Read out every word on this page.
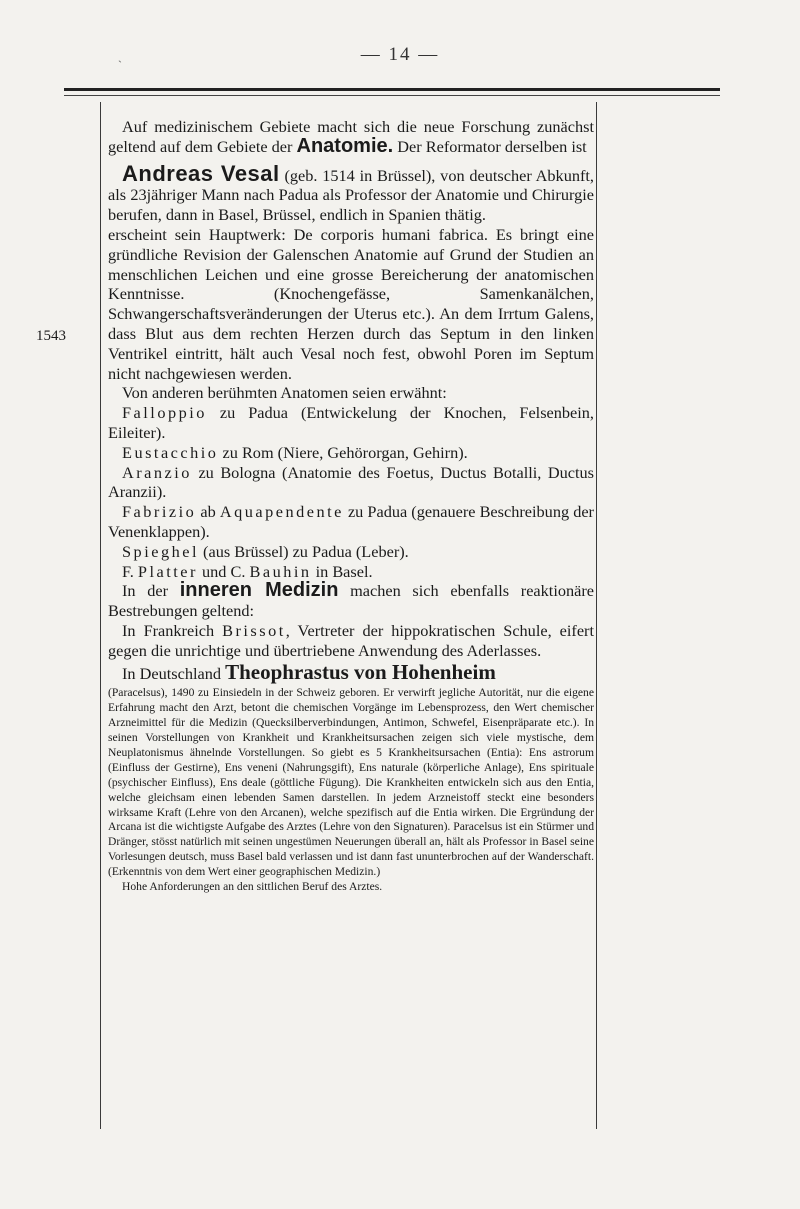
— 14 —
`
1543

Auf medizinischem Gebiete macht sich die neue Forschung zunächst geltend auf dem Gebiete der Anatomie. Der Reformator derselben ist

Andreas Vesal (geb. 1514 in Brüssel), von deutscher Abkunft, als 23jähriger Mann nach Padua als Professor der Anatomie und Chirurgie berufen, dann in Basel, Brüssel, endlich in Spanien thätig.

erscheint sein Hauptwerk: De corporis humani fabrica. Es bringt eine gründliche Revision der Galenschen Anatomie auf Grund der Studien an menschlichen Leichen und eine grosse Bereicherung der anatomischen Kenntnisse. (Knochengefässe, Samenkanälchen, Schwangerschaftsveränderungen der Uterus etc.). An dem Irrtum Galens, dass Blut aus dem rechten Herzen durch das Septum in den linken Ventrikel eintritt, hält auch Vesal noch fest, obwohl Poren im Septum nicht nachgewiesen werden.

Von anderen berühmten Anatomen seien erwähnt:

Falloppio zu Padua (Entwickelung der Knochen, Felsenbein, Eileiter).

Eustacchio zu Rom (Niere, Gehörorgan, Gehirn).

Aranzio zu Bologna (Anatomie des Foetus, Ductus Botalli, Ductus Aranzii).

Fabrizio ab Aquapendente zu Padua (genauere Beschreibung der Venenklappen).

Spieghel (aus Brüssel) zu Padua (Leber).

F. Platter und C. Bauhin in Basel.

In der inneren Medizin machen sich ebenfalls reaktionäre Bestrebungen geltend:

In Frankreich Brissot, Vertreter der hippokratischen Schule, eifert gegen die unrichtige und übertriebene Anwendung des Aderlasses.

In Deutschland Theophrastus von Hohenheim

(Paracelsus), 1490 zu Einsiedeln in der Schweiz geboren. Er verwirft jegliche Autorität, nur die eigene Erfahrung macht den Arzt, betont die chemischen Vorgänge im Lebensprozess, den Wert chemischer Arzneimittel für die Medizin (Quecksilberverbindungen, Antimon, Schwefel, Eisenpräparate etc.). In seinen Vorstellungen von Krankheit und Krankheitsursachen zeigen sich viele mystische, dem Neuplatonismus ähnelnde Vorstellungen. So giebt es 5 Krankheitsursachen (Entia): Ens astrorum (Einfluss der Gestirne), Ens veneni (Nahrungsgift), Ens naturale (körperliche Anlage), Ens spirituale (psychischer Einfluss), Ens deale (göttliche Fügung). Die Krankheiten entwickeln sich aus den Entia, welche gleichsam einen lebenden Samen darstellen. In jedem Arzneistoff steckt eine besonders wirksame Kraft (Lehre von den Arcanen), welche spezifisch auf die Entia wirken. Die Ergründung der Arcana ist die wichtigste Aufgabe des Arztes (Lehre von den Signaturen). Paracelsus ist ein Stürmer und Dränger, stösst natürlich mit seinen ungestümen Neuerungen überall an, hält als Professor in Basel seine Vorlesungen deutsch, muss Basel bald verlassen und ist dann fast ununterbrochen auf der Wanderschaft. (Erkenntnis von dem Wert einer geographischen Medizin.)

Hohe Anforderungen an den sittlichen Beruf des Arztes.
